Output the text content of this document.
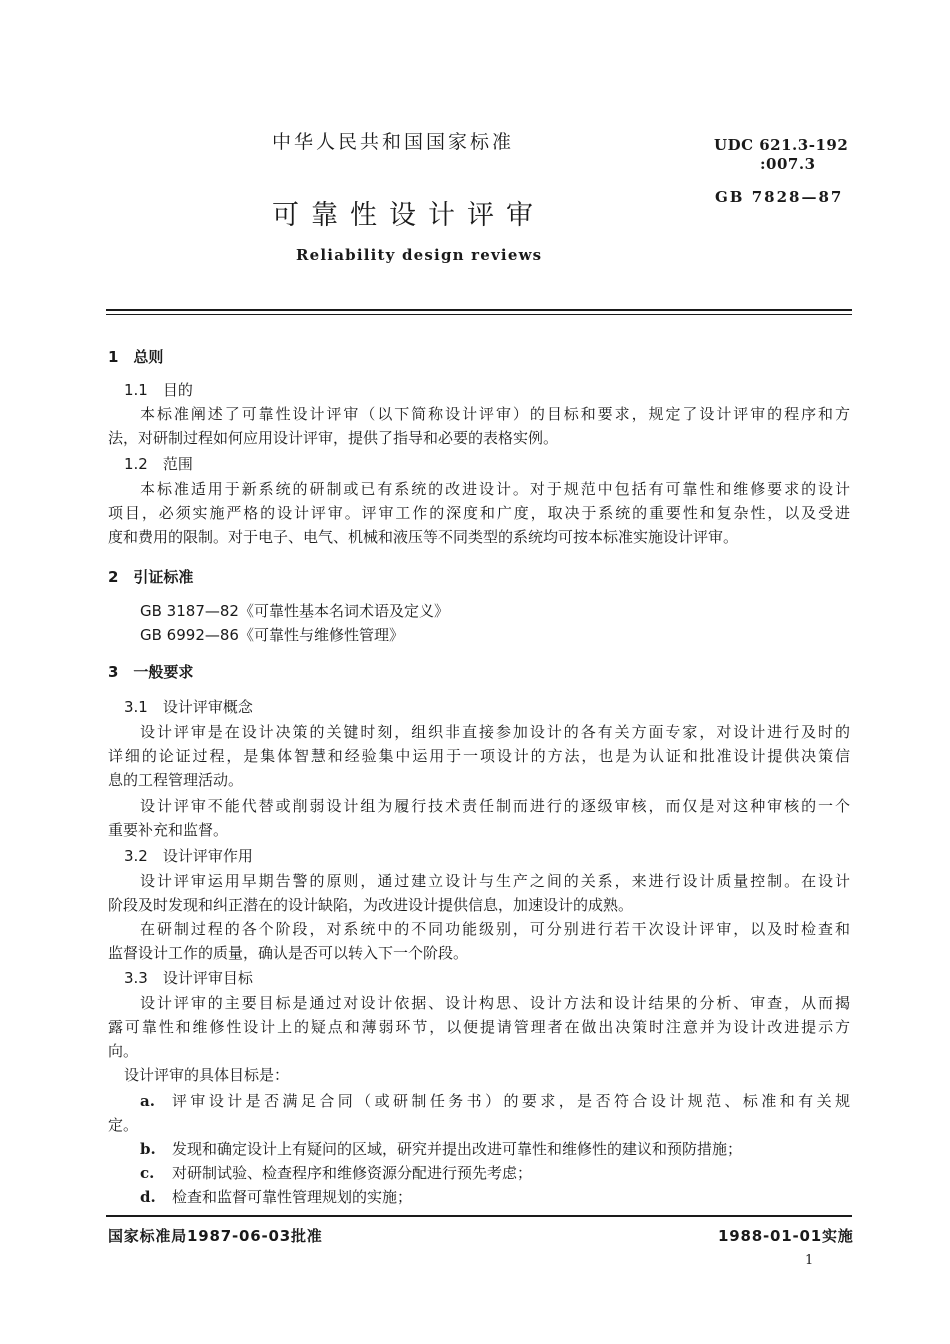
中华人民共和国国家标准	UDC 621.3-192
:007.3
GB 7828—87
可靠性设计评审
Reliability design reviews
1　总则
1.1　目的
本标准阐述了可靠性设计评审（以下简称设计评审）的目标和要求，规定了设计评审的程序和方
法，对研制过程如何应用设计评审，提供了指导和必要的表格实例。
1.2　范围
本标准适用于新系统的研制或已有系统的改进设计。对于规范中包括有可靠性和维修要求的设计
项目，必须实施严格的设计评审。评审工作的深度和广度，取决于系统的重要性和复杂性，以及受进
度和费用的限制。对于电子、电气、机械和液压等不同类型的系统均可按本标准实施设计评审。
2　引证标准
GB 3187—82《可靠性基本名词术语及定义》
GB 6992—86《可靠性与维修性管理》
3　一般要求
3.1　设计评审概念
设计评审是在设计决策的关键时刻，组织非直接参加设计的各有关方面专家，对设计进行及时的
详细的论证过程，是集体智慧和经验集中运用于一项设计的方法，也是为认证和批准设计提供决策信
息的工程管理活动。
设计评审不能代替或削弱设计组为履行技术责任制而进行的逐级审核，而仅是对这种审核的一个
重要补充和监督。
3.2　设计评审作用
设计评审运用早期告警的原则，通过建立设计与生产之间的关系，来进行设计质量控制。在设计
阶段及时发现和纠正潜在的设计缺陷，为改进设计提供信息，加速设计的成熟。
在研制过程的各个阶段，对系统中的不同功能级别，可分别进行若干次设计评审，以及时检查和
监督设计工作的质量，确认是否可以转入下一个阶段。
3.3　设计评审目标
设计评审的主要目标是通过对设计依据、设计构思、设计方法和设计结果的分析、审查，从而揭
露可靠性和维修性设计上的疑点和薄弱环节，以便提请管理者在做出决策时注意并为设计改进提示方
向。
设计评审的具体目标是：
a. 评审设计是否满足合同（或研制任务书）的要求，是否符合设计规范、标准和有关规
定。
b. 发现和确定设计上有疑问的区域，研究并提出改进可靠性和维修性的建议和预防措施；
c. 对研制试验、检查程序和维修资源分配进行预先考虑；
d. 检查和监督可靠性管理规划的实施；
国家标准局1987-06-03批准	1988-01-01实施
1
